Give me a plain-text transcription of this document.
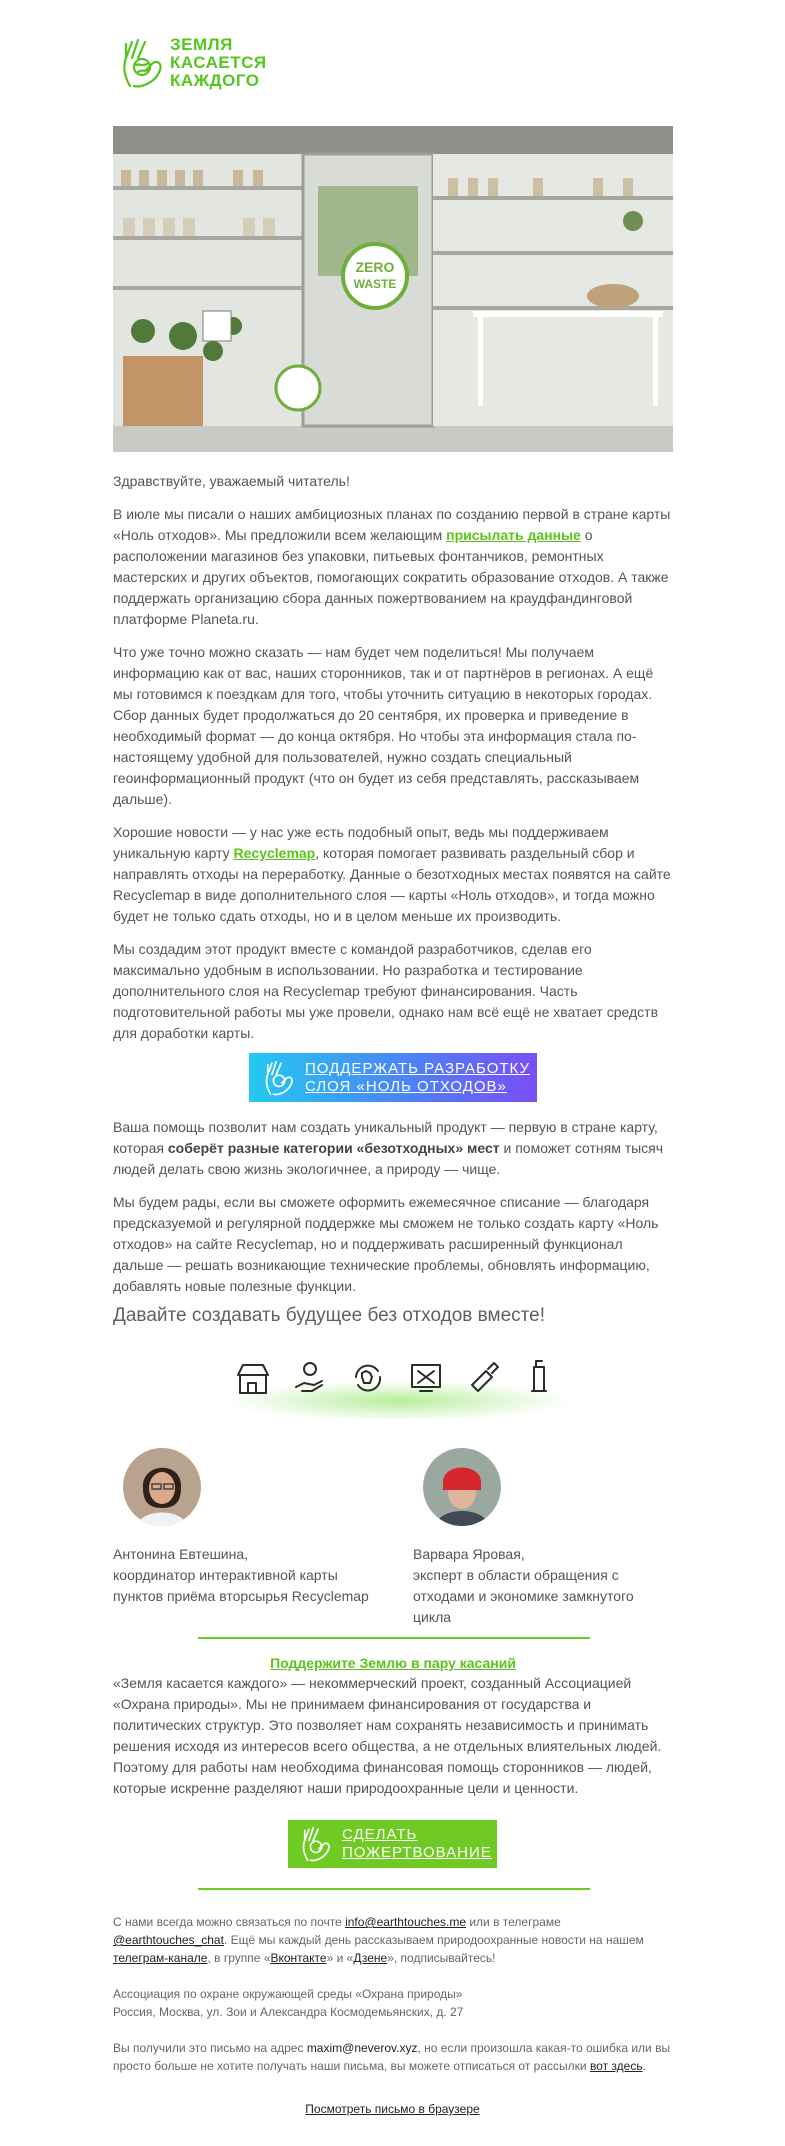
ЗЕМЛЯ
КАСАЕТСЯ
КАЖДОГО
ZERO
WASTE

Здравствуйте, уважаемый читатель!

В июле мы писали о наших амбициозных планах по созданию первой в стране карты «Ноль отходов». Мы предложили всем желающим присылать данные о расположении магазинов без упаковки, питьевых фонтанчиков, ремонтных мастерских и других объектов, помогающих сократить образование отходов. А также поддержать организацию сбора данных пожертвованием на краудфандинговой платформе Planeta.ru.

Что уже точно можно сказать — нам будет чем поделиться! Мы получаем информацию как от вас, наших сторонников, так и от партнёров в регионах. А ещё мы готовимся к поездкам для того, чтобы уточнить ситуацию в некоторых городах. Сбор данных будет продолжаться до 20 сентября, их проверка и приведение в необходимый формат — до конца октября. Но чтобы эта информация стала по-настоящему удобной для пользователей, нужно создать специальный геоинформационный продукт (что он будет из себя представлять, рассказываем дальше).

Хорошие новости — у нас уже есть подобный опыт, ведь мы поддерживаем уникальную карту Recyclemap, которая помогает развивать раздельный сбор и направлять отходы на переработку. Данные о безотходных местах появятся на сайте Recyclemap в виде дополнительного слоя — карты «Ноль отходов», и тогда можно будет не только сдать отходы, но и в целом меньше их производить.

Мы создадим этот продукт вместе с командой разработчиков, сделав его максимально удобным в использовании. Но разработка и тестирование дополнительного слоя на Recyclemap требуют финансирования. Часть подготовительной работы мы уже провели, однако нам всё ещё не хватает средств для доработки карты.

ПОДДЕРЖАТЬ РАЗРАБОТКУ
СЛОЯ «НОЛЬ ОТХОДОВ»

Ваша помощь позволит нам создать уникальный продукт — первую в стране карту, которая соберёт разные категории «безотходных» мест и поможет сотням тысяч людей делать свою жизнь экологичнее, а природу — чище.

Мы будем рады, если вы сможете оформить ежемесячное списание — благодаря предсказуемой и регулярной поддержке мы сможем не только создать карту «Ноль отходов» на сайте Recyclemap, но и поддерживать расширенный функционал дальше — решать возникающие технические проблемы, обновлять информацию, добавлять новые полезные функции.

Давайте создавать будущее без отходов вместе!
Антонина Евтешина,
координатор интерактивной карты
пунктов приёма вторсырья Recyclemap
Варвара Яровая,
эксперт в области обращения с
отходами и экономике замкнутого
цикла
Поддержите Землю в пару касаний

«Земля касается каждого» — некоммерческий проект, созданный Ассоциацией «Охрана природы». Мы не принимаем финансирования от государства и политических структур. Это позволяет нам сохранять независимость и принимать решения исходя из интересов всего общества, а не отдельных влиятельных людей. Поэтому для работы нам необходима финансовая помощь сторонников — людей, которые искренне разделяют наши природоохранные цели и ценности.

СДЕЛАТЬ
ПОЖЕРТВОВАНИЕ
С нами всегда можно связаться по почте info@earthtouches.me или в телеграме @earthtouches_chat. Ещё мы каждый день рассказываем природоохранные новости на нашем телеграм-канале, в группе «Вконтакте» и «Дзене», подписывайтесь!
Ассоциация по охране окружающей среды «Охрана природы»
Россия, Москва, ул. Зои и Александра Космодемьянских, д. 27
Вы получили это письмо на адрес maxim@neverov.xyz, но если произошла какая-то ошибка или вы просто больше не хотите получать наши письма, вы можете отписаться от рассылки вот здесь.
Посмотреть письмо в браузере
